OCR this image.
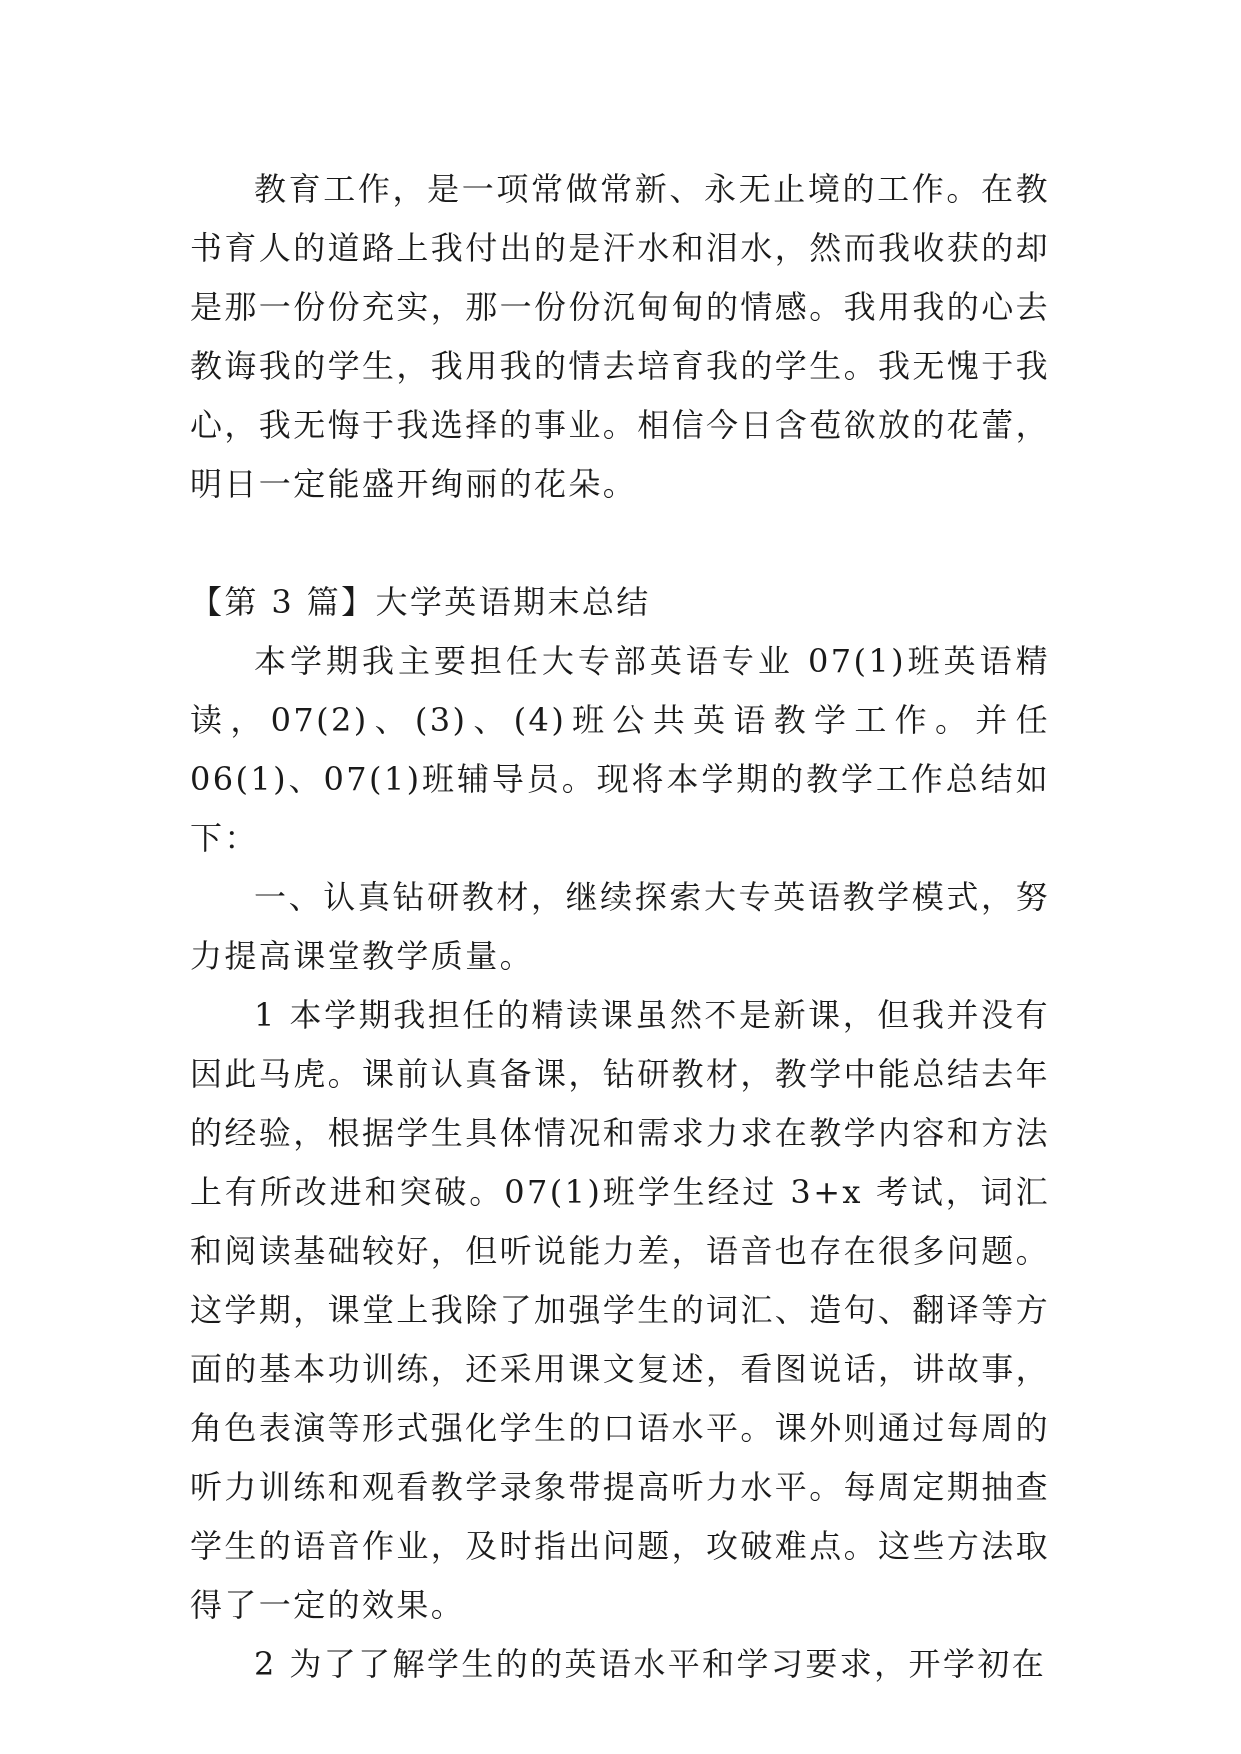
教育工作，是一项常做常新、永无止境的工作。在教书育人的道路上我付出的是汗水和泪水，然而我收获的却是那一份份充实，那一份份沉甸甸的情感。我用我的心去教诲我的学生，我用我的情去培育我的学生。我无愧于我心，我无悔于我选择的事业。相信今日含苞欲放的花蕾，明日一定能盛开绚丽的花朵。

【第 3 篇】大学英语期末总结

本学期我主要担任大专部英语专业 07(1)班英语精读，07(2)、(3)、(4)班公共英语教学工作。并任 06(1)、07(1)班辅导员。现将本学期的教学工作总结如下：

一、认真钻研教材，继续探索大专英语教学模式，努力提高课堂教学质量。

1 本学期我担任的精读课虽然不是新课，但我并没有因此马虎。课前认真备课，钻研教材，教学中能总结去年的经验，根据学生具体情况和需求力求在教学内容和方法上有所改进和突破。07(1)班学生经过 3+x 考试，词汇和阅读基础较好，但听说能力差，语音也存在很多问题。这学期，课堂上我除了加强学生的词汇、造句、翻译等方面的基本功训练，还采用课文复述，看图说话，讲故事，角色表演等形式强化学生的口语水平。课外则通过每周的听力训练和观看教学录象带提高听力水平。每周定期抽查学生的语音作业，及时指出问题，攻破难点。这些方法取得了一定的效果。

2 为了了解学生的的英语水平和学习要求，开学初在
